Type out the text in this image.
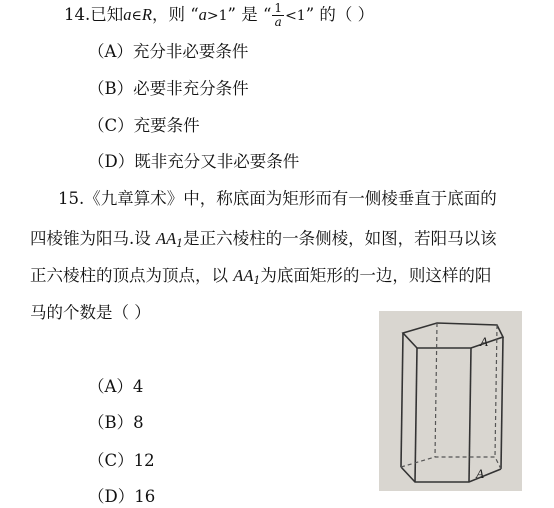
14.已知a∈R，则 “a>1” 是 “ $\frac{1}{a} <1$” 的（ ）
（A）充分非必要条件
（B）必要非充分条件
（C）充要条件
（D）既非充分又非必要条件
15.《九章算术》中，称底面为矩形而有一侧棱垂直于底面的
四棱锥为阳马.设 $AA_1$是正六棱柱的一条侧棱，如图，若阳马以该
正六棱柱的顶点为顶点，以 $AA_1$为底面矩形的一边，则这样的阳
马的个数是（ ）
（A）4
（B）8
（C）12
（D）16
A
A
